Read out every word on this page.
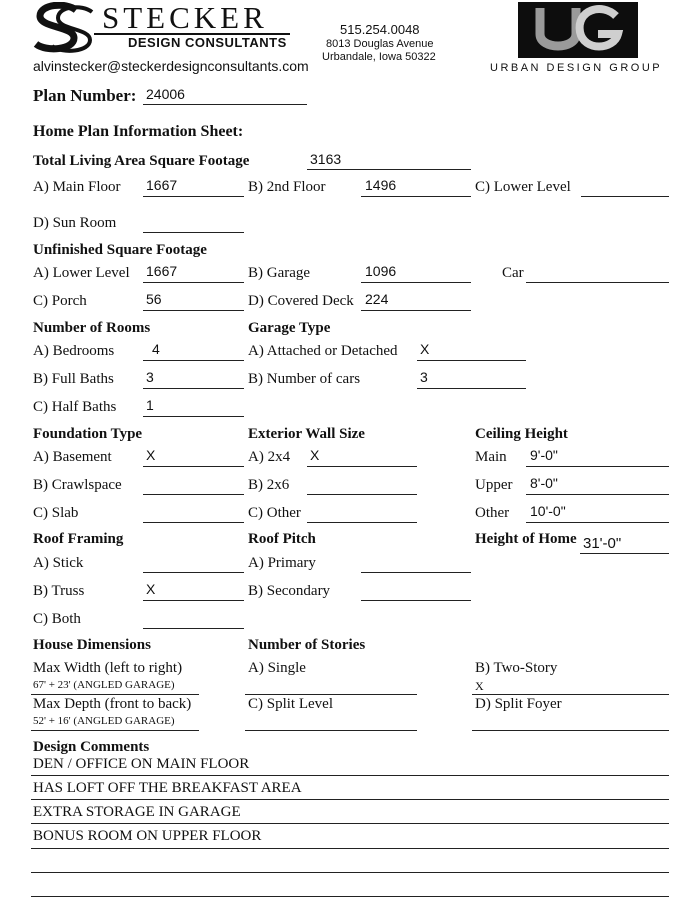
STECKER
DESIGN CONSULTANTS
alvinstecker@steckerdesignconsultants.com
515.254.0048
8013 Douglas Avenue
Urbandale, Iowa 50322
URBAN DESIGN GROUP
Plan Number: 24006
Home Plan Information Sheet:
Total Living Area Square Footage	3163
A) Main Floor 1667	B) 2nd Floor	1496	C) Lower Level
D) Sun Room
Unfinished Square Footage
A) Lower Level 1667	B) Garage	1096	Car
C) Porch	56	D) Covered Deck 224
Number of Rooms	Garage Type
A) Bedrooms	4	A) Attached or Detached X
B) Full Baths 3	B) Number of cars	3
C) Half Baths 1
Foundation Type	Exterior Wall Size	Ceiling Height
A) Basement X	A) 2x4 X	Main 9'-0"
B) Crawlspace	B) 2x6	Upper 8'-0"
C) Slab	C) Other	Other 10'-0"
Roof Framing	Roof Pitch	Height of Home 31'-0"
A) Stick	A) Primary
B) Truss	X	B) Secondary
C) Both
House Dimensions	Number of Stories
Max Width (left to right)
67' + 23' (ANGLED GARAGE)
A) Single	B) Two-Story
X
Max Depth (front to back)
52' + 16' (ANGLED GARAGE)
C) Split Level	D) Split Foyer
Design Comments
DEN / OFFICE ON MAIN FLOOR
HAS LOFT OFF THE BREAKFAST AREA
EXTRA STORAGE IN GARAGE
BONUS ROOM ON UPPER FLOOR
